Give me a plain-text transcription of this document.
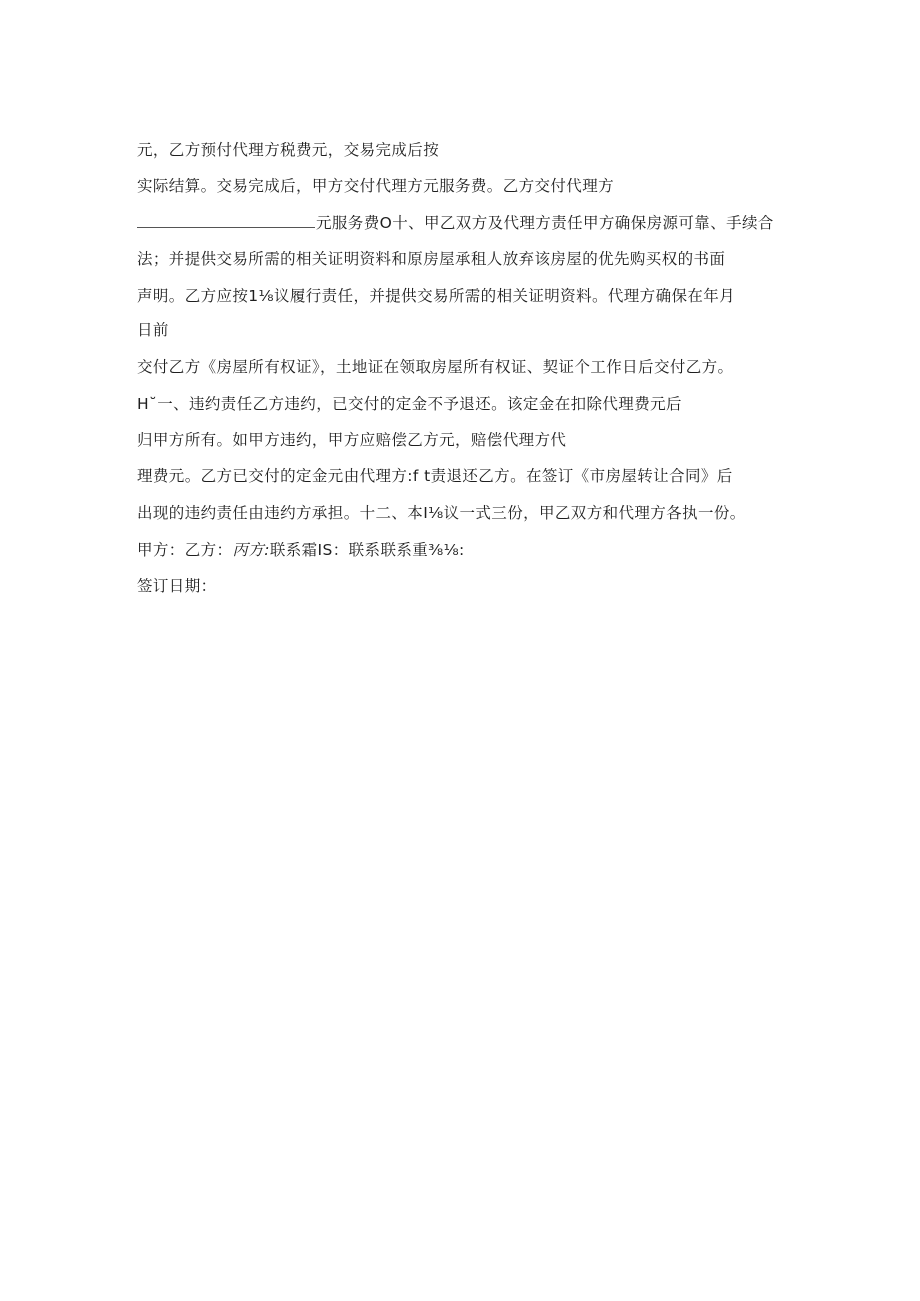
元，乙方预付代理方税费元，交易完成后按
实际结算。交易完成后，甲方交付代理方元服务费。乙方交付代理方
元服务费O十、甲乙双方及代理方责任甲方确保房源可靠、手续合
法；并提供交易所需的相关证明资料和原房屋承租人放弃该房屋的优先购买权的书面
声明。乙方应按1⅛议履行责任，并提供交易所需的相关证明资料。代理方确保在年月
日前
交付乙方《房屋所有权证》，土地证在领取房屋所有权证、契证个工作日后交付乙方。
H˘一、违约责任乙方违约，已交付的定金不予退还。该定金在扣除代理费元后
归甲方所有。如甲方违约，甲方应赔偿乙方元，赔偿代理方代
理费元。乙方已交付的定金元由代理方:f t责退还乙方。在签订《市房屋转让合同》后
出现的违约责任由违约方承担。十二、本I⅛议一式三份，甲乙双方和代理方各执一份。
甲方：乙方：丙方:联系霜IS：联系联系重⅜⅛:
签订日期：
